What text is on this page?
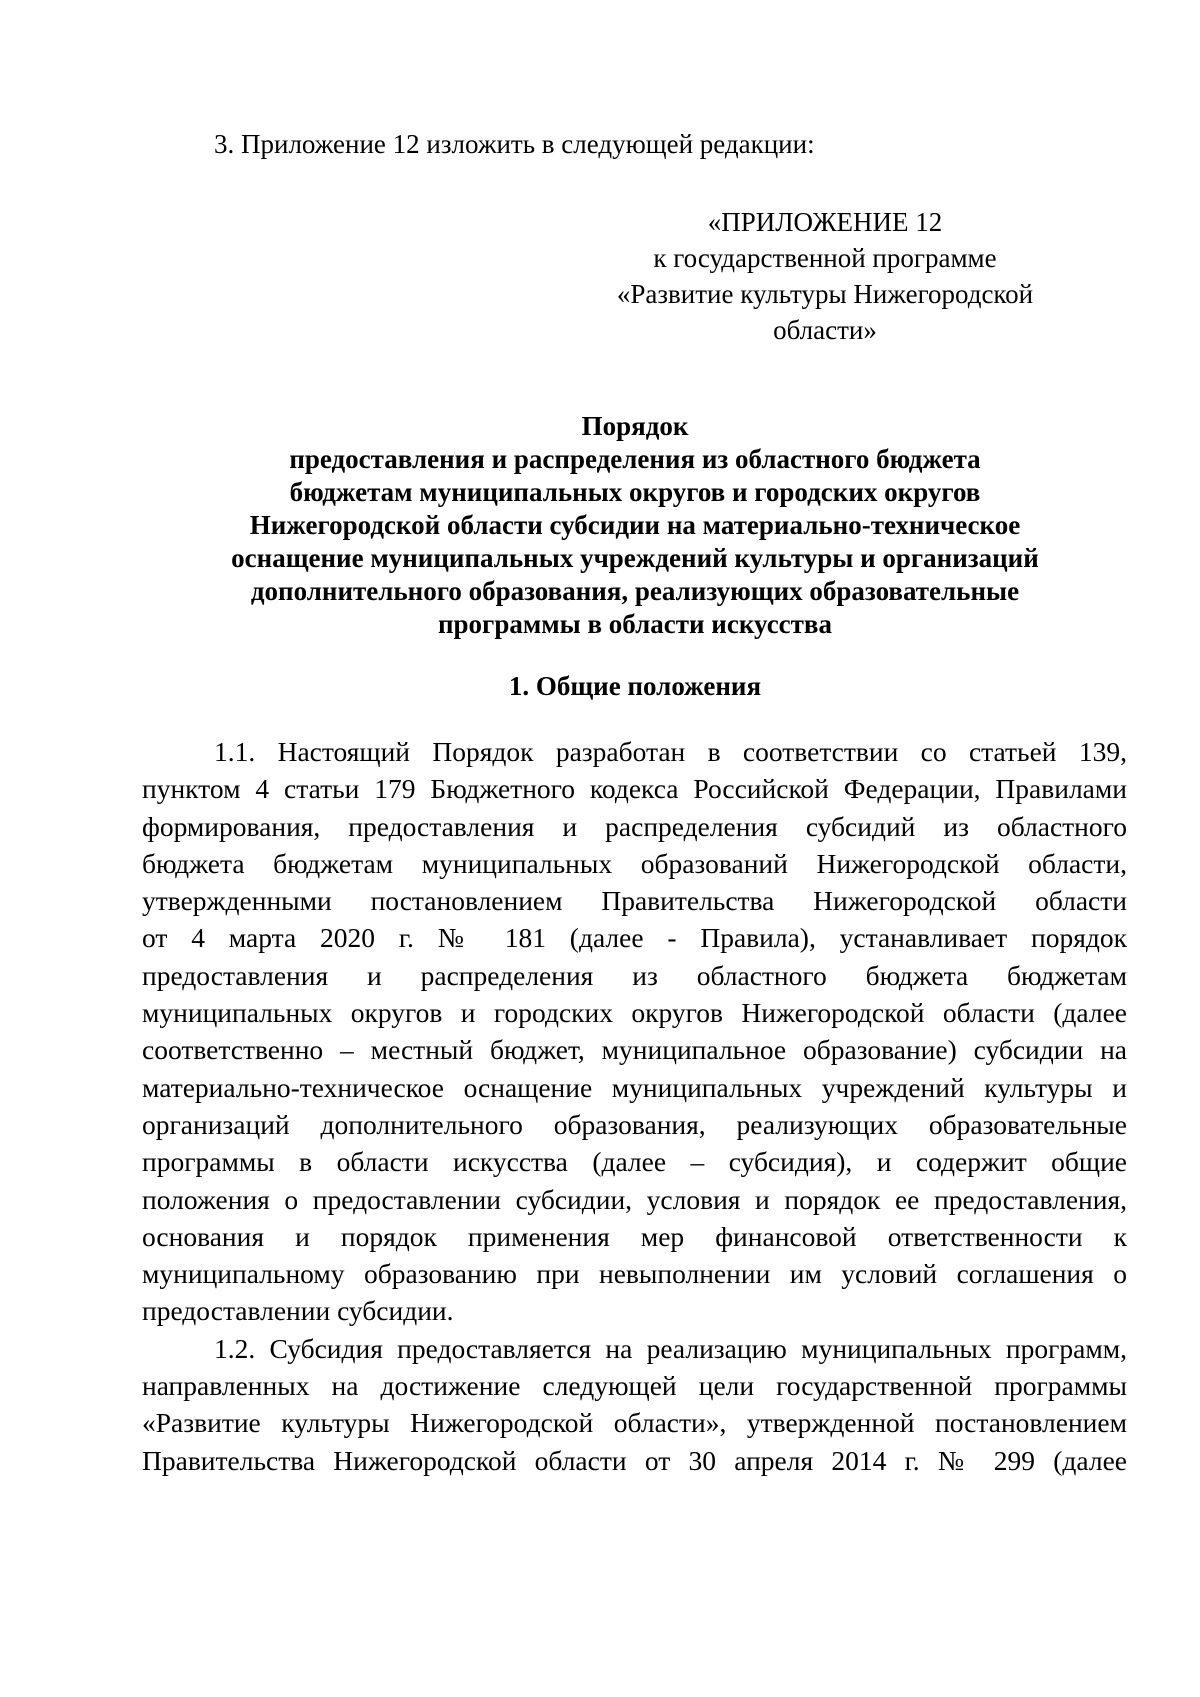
3. Приложение 12 изложить в следующей редакции:
«ПРИЛОЖЕНИЕ 12
к государственной программе
«Развитие культуры Нижегородской
области»
Порядок
предоставления и распределения из областного бюджета
бюджетам муниципальных округов и городских округов
Нижегородской области субсидии на материально-техническое
оснащение муниципальных учреждений культуры и организаций
дополнительного образования, реализующих образовательные
программы в области искусства
1. Общие положения
1.1. Настоящий Порядок разработан в соответствии со статьей 139,
пунктом 4 статьи 179 Бюджетного кодекса Российской Федерации, Правилами
формирования, предоставления и распределения субсидий из областного
бюджета бюджетам муниципальных образований Нижегородской области,
утвержденными постановлением Правительства Нижегородской области
от 4 марта 2020 г. № 181 (далее - Правила), устанавливает порядок
предоставления и распределения из областного бюджета бюджетам
муниципальных округов и городских округов Нижегородской области (далее
соответственно – местный бюджет, муниципальное образование) субсидии на
материально-техническое оснащение муниципальных учреждений культуры и
организаций дополнительного образования, реализующих образовательные
программы в области искусства (далее – субсидия), и содержит общие
положения о предоставлении субсидии, условия и порядок ее предоставления,
основания и порядок применения мер финансовой ответственности к
муниципальному образованию при невыполнении им условий соглашения о
предоставлении субсидии.
1.2. Субсидия предоставляется на реализацию муниципальных программ,
направленных на достижение следующей цели государственной программы
«Развитие культуры Нижегородской области», утвержденной постановлением
Правительства Нижегородской области от 30 апреля 2014 г. № 299 (далее
